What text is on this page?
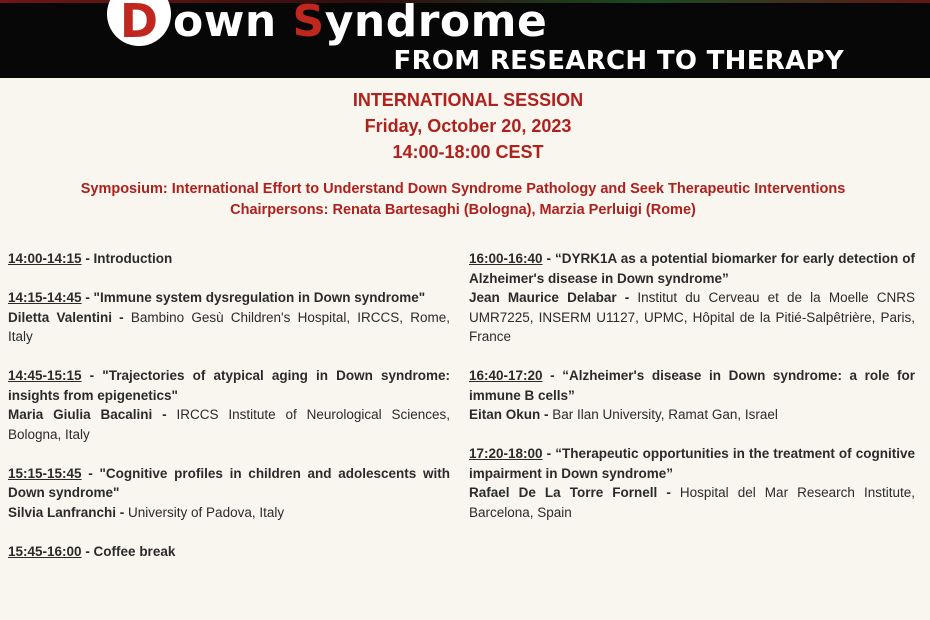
D own Syndrome
FROM RESEARCH TO THERAPY
INTERNATIONAL SESSION
Friday, October 20, 2023
14:00-18:00 CEST
Symposium: International Effort to Understand Down Syndrome Pathology and Seek Therapeutic Interventions
Chairpersons: Renata Bartesaghi (Bologna), Marzia Perluigi (Rome)
14:00-14:15 - Introduction
14:15-14:45 - "Immune system dysregulation in Down syndrome"
Diletta Valentini - Bambino Gesù Children's Hospital, IRCCS, Rome, Italy
14:45-15:15 - "Trajectories of atypical aging in Down syndrome: insights from epigenetics"
Maria Giulia Bacalini - IRCCS Institute of Neurological Sciences, Bologna, Italy
15:15-15:45 - "Cognitive profiles in children and adolescents with Down syndrome"
Silvia Lanfranchi - University of Padova, Italy
15:45-16:00 - Coffee break
16:00-16:40 - “DYRK1A as a potential biomarker for early detection of Alzheimer's disease in Down syndrome”
Jean Maurice Delabar - Institut du Cerveau et de la Moelle CNRS UMR7225, INSERM U1127, UPMC, Hôpital de la Pitié-Salpêtrière, Paris, France
16:40-17:20 - “Alzheimer's disease in Down syndrome: a role for immune B cells”
Eitan Okun - Bar Ilan University, Ramat Gan, Israel
17:20-18:00 - “Therapeutic opportunities in the treatment of cognitive impairment in Down syndrome”
Rafael De La Torre Fornell - Hospital del Mar Research Institute, Barcelona, Spain
